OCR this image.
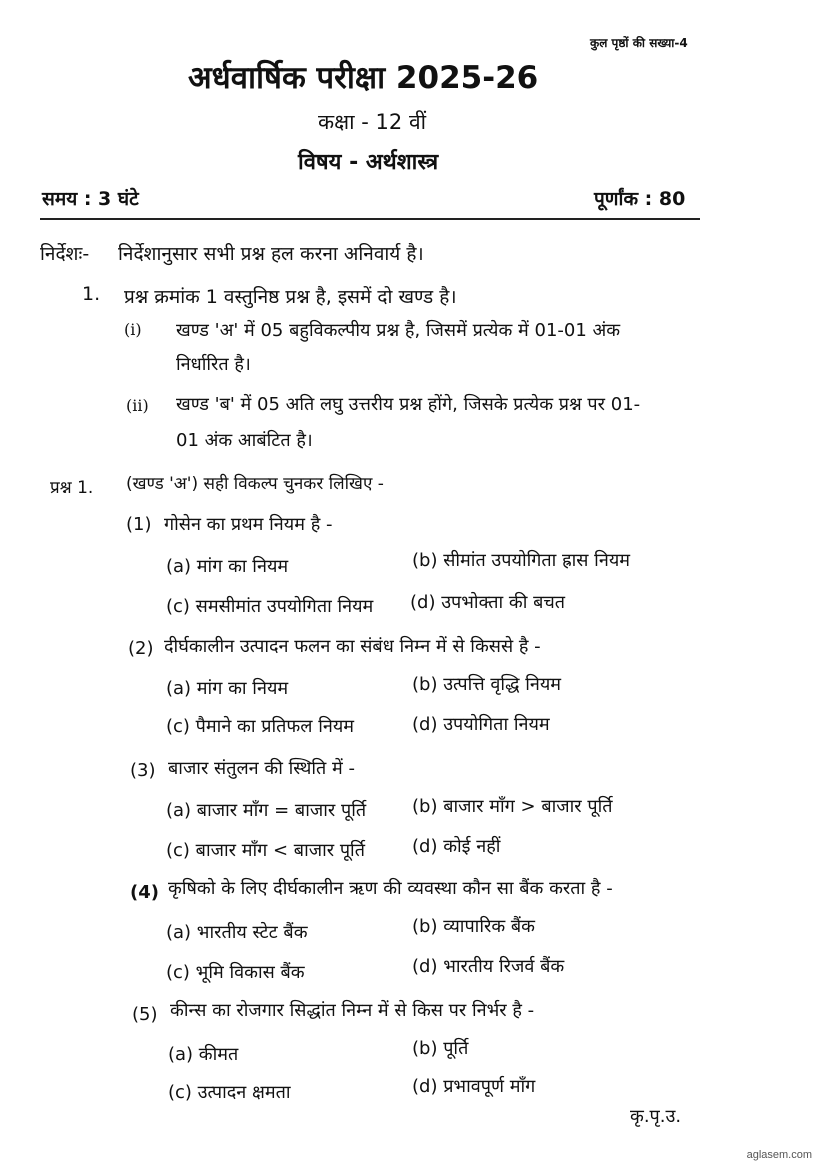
कुल पृष्ठों की सख्या-4
अर्धवार्षिक परीक्षा 2025-26
कक्षा - 12 वीं
विषय - अर्थशास्त्र
समय : 3 घंटे	पूर्णांक : 80
निर्देशः- निर्देशानुसार सभी प्रश्न हल करना अनिवार्य है।
1. प्रश्न क्रमांक 1 वस्तुनिष्ठ प्रश्न है, इसमें दो खण्ड है।
(i) खण्ड 'अ' में 05 बहुविकल्पीय प्रश्न है, जिसमें प्रत्येक में 01-01 अंक
निर्धारित है।
(ii) खण्ड 'ब' में 05 अति लघु उत्तरीय प्रश्न होंगे, जिसके प्रत्येक प्रश्न पर 01-
01 अंक आबंटित है।
प्रश्न 1. (खण्ड 'अ') सही विकल्प चुनकर लिखिए -
(1) गोसेन का प्रथम नियम है -
(a) मांग का नियम	(b) सीमांत उपयोगिता ह्रास नियम
(c) समसीमांत उपयोगिता नियम (d) उपभोक्ता की बचत
(2) दीर्घकालीन उत्पादन फलन का संबंध निम्न में से किससे है -
(a) मांग का नियम	(b) उत्पत्ति वृद्धि नियम
(c) पैमाने का प्रतिफल नियम	(d) उपयोगिता नियम
(3) बाजार संतुलन की स्थिति में -
(a) बाजार माँग = बाजार पूर्ति	(b) बाजार माँग > बाजार पूर्ति
(c) बाजार माँग < बाजार पूर्ति	(d) कोई नहीं
(4) कृषिको के लिए दीर्घकालीन ऋण की व्यवस्था कौन सा बैंक करता है -
(a) भारतीय स्टेट बैंक	(b) व्यापारिक बैंक
(c) भूमि विकास बैंक	(d) भारतीय रिजर्व बैंक
(5) कीन्स का रोजगार सिद्धांत निम्न में से किस पर निर्भर है -
(a) कीमत	(b) पूर्ति
(c) उत्पादन क्षमता	(d) प्रभावपूर्ण माँग
कृ.पृ.उ.
aglasem.com
